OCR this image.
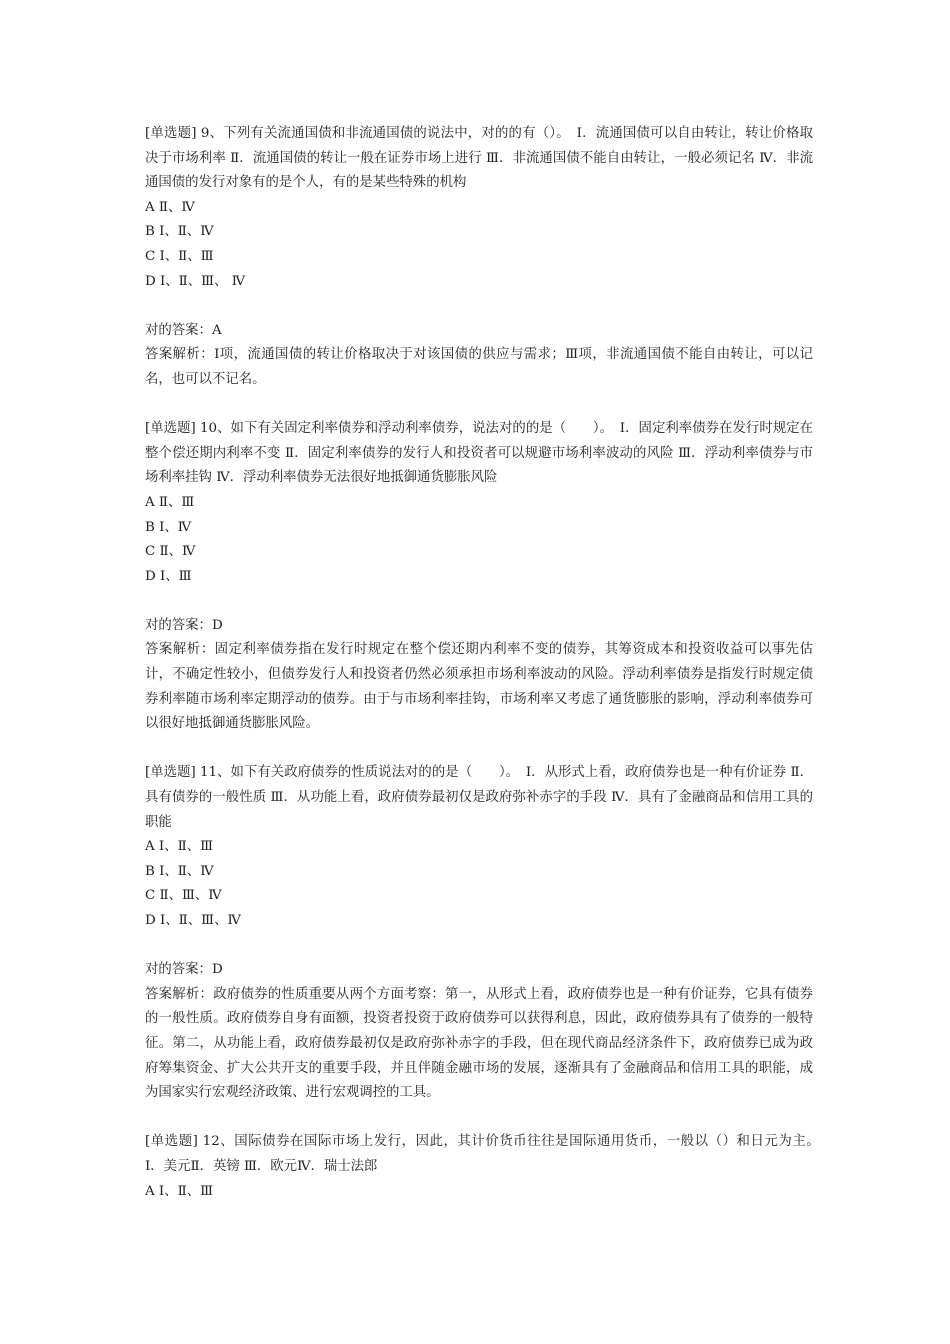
[单选题] 9、下列有关流通国债和非流通国债的说法中，对的的有（）。　Ⅰ．流通国债可以自由转让，转让价格取决于市场利率 Ⅱ．流通国债的转让一般在证券市场上进行 Ⅲ．非流通国债不能自由转让，一般必须记名 Ⅳ．非流通国债的发行对象有的是个人，有的是某些特殊的机构

A Ⅱ、Ⅳ

B Ⅰ、Ⅱ、Ⅳ

C Ⅰ、Ⅱ、Ⅲ

D Ⅰ、Ⅱ、Ⅲ、 Ⅳ

对的答案：A

答案解析：Ⅰ项，流通国债的转让价格取决于对该国债的供应与需求；Ⅲ项，非流通国债不能自由转让，可以记名，也可以不记名。

[单选题] 10、如下有关固定利率债券和浮动利率债券，说法对的的是（　　）。　Ⅰ．固定利率债券在发行时规定在整个偿还期内利率不变 Ⅱ．固定利率债券的发行人和投资者可以规避市场利率波动的风险 Ⅲ．浮动利率债券与市场利率挂钩 Ⅳ．浮动利率债券无法很好地抵御通货膨胀风险

A Ⅱ、Ⅲ

B Ⅰ、Ⅳ

C Ⅱ、Ⅳ

D Ⅰ、Ⅲ

对的答案：D

答案解析：固定利率债券指在发行时规定在整个偿还期内利率不变的债券，其筹资成本和投资收益可以事先估计，不确定性较小，但债券发行人和投资者仍然必须承担市场利率波动的风险。浮动利率债券是指发行时规定债券利率随市场利率定期浮动的债券。由于与市场利率挂钩，市场利率又考虑了通货膨胀的影响，浮动利率债券可以很好地抵御通货膨胀风险。

[单选题] 11、如下有关政府债券的性质说法对的的是（　　）。　Ⅰ．从形式上看，政府债券也是一种有价证券 Ⅱ．具有债券的一般性质 Ⅲ．从功能上看，政府债券最初仅是政府弥补赤字的手段 Ⅳ．具有了金融商品和信用工具的职能

A Ⅰ、Ⅱ、Ⅲ

B Ⅰ、Ⅱ、Ⅳ

C Ⅱ、Ⅲ、Ⅳ

D Ⅰ、Ⅱ、Ⅲ、Ⅳ

对的答案：D

答案解析：政府债券的性质重要从两个方面考察：第一，从形式上看，政府债券也是一种有价证券，它具有债券的一般性质。政府债券自身有面额，投资者投资于政府债券可以获得利息，因此，政府债券具有了债券的一般特征。第二，从功能上看，政府债券最初仅是政府弥补赤字的手段，但在现代商品经济条件下，政府债券已成为政府筹集资金、扩大公共开支的重要手段，并且伴随金融市场的发展，逐渐具有了金融商品和信用工具的职能，成为国家实行宏观经济政策、进行宏观调控的工具。

[单选题] 12、国际债券在国际市场上发行，因此，其计价货币往往是国际通用货币，一般以（）和日元为主。　Ⅰ．美元Ⅱ．英镑 Ⅲ．欧元Ⅳ．瑞士法郎

A Ⅰ、Ⅱ、Ⅲ
